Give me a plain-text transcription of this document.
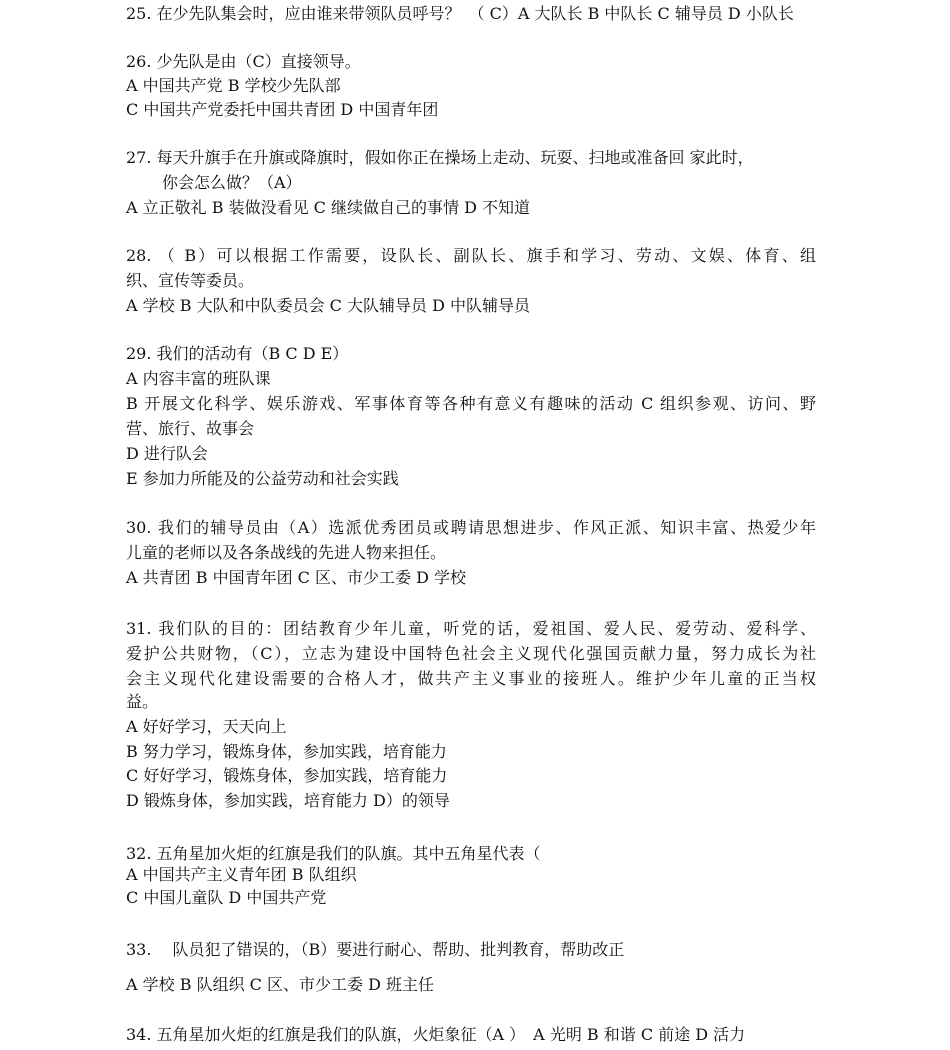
25. 在少先队集会时，应由谁来带领队员呼号？　（ C）A 大队长 B 中队长 C 辅导员 D 小队长
26. 少先队是由（C）直接领导。
A 中国共产党 B 学校少先队部
C 中国共产党委托中国共青团 D 中国青年团
27. 每天升旗手在升旗或降旗时，假如你正在操场上走动、玩耍、扫地或准备回 家此时，
你会怎么做？（A）
A 立正敬礼 B 装做没看见 C 继续做自己的事情 D 不知道
28. （ B）可以根据工作需要，设队长、副队长、旗手和学习、劳动、文娱、体育、组
织、宣传等委员。
A 学校 B 大队和中队委员会 C 大队辅导员 D 中队辅导员
29. 我们的活动有（B C D E）
A 内容丰富的班队课
B 开展文化科学、娱乐游戏、军事体育等各种有意义有趣味的活动 C 组织参观、访问、野
营、旅行、故事会
D 进行队会
E 参加力所能及的公益劳动和社会实践
30. 我们的辅导员由（A）选派优秀团员或聘请思想进步、作风正派、知识丰富、热爱少年
儿童的老师以及各条战线的先进人物来担任。
A 共青团 B 中国青年团 C 区、市少工委 D 学校
31. 我们队的目的：团结教育少年儿童，听党的话，爱祖国、爱人民、爱劳动、爱科学、
爱护公共财物，（C），立志为建设中国特色社会主义现代化强国贡献力量，努力成长为社
会主义现代化建设需要的合格人才，做共产主义事业的接班人。维护少年儿童的正当权
益。
A 好好学习，天天向上
B 努力学习，锻炼身体，参加实践，培育能力
C 好好学习，锻炼身体，参加实践，培育能力
D 锻炼身体，参加实践，培育能力 D）的领导
32. 五角星加火炬的红旗是我们的队旗。其中五角星代表（
A 中国共产主义青年团 B 队组织
C 中国儿童队 D 中国共产党
33.　 队员犯了错误的，（B）要进行耐心、帮助、批判教育，帮助改正
A 学校 B 队组织 C 区、市少工委 D 班主任
34. 五角星加火炬的红旗是我们的队旗，火炬象征（A ）　A 光明 B 和谐 C 前途 D 活力
